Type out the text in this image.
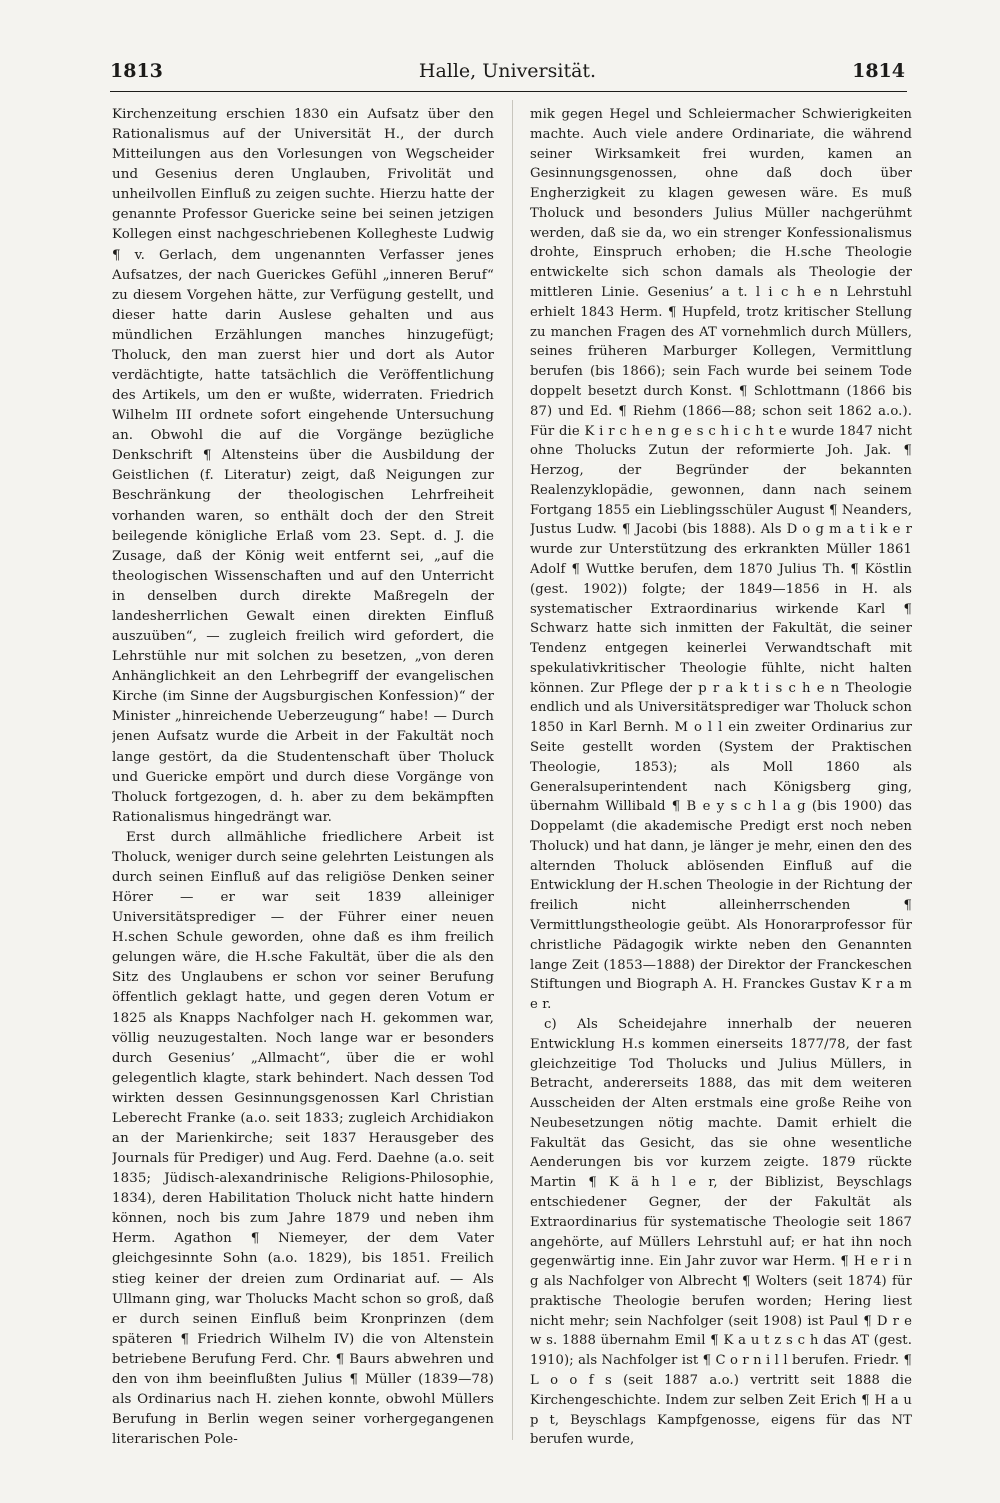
1813	Halle, Universität.	1814

Kirchenzeitung erschien 1830 ein Aufsatz über den Rationalismus auf der Universität H., der durch Mitteilungen aus den Vorlesungen von Wegscheider und Gesenius deren Unglauben, Frivolität und unheilvollen Einfluß zu zeigen suchte. Hierzu hatte der genannte Professor Guericke seine bei seinen jetzigen Kollegen einst nachgeschriebenen Kollegheste Ludwig ¶ v. Gerlach, dem ungenannten Verfasser jenes Aufsatzes, der nach Guerickes Gefühl „inneren Beruf“ zu diesem Vorgehen hätte, zur Verfügung gestellt, und dieser hatte darin Auslese gehalten und aus mündlichen Erzählungen manches hinzugefügt; Tholuck, den man zuerst hier und dort als Autor verdächtigte, hatte tatsächlich die Veröffentlichung des Artikels, um den er wußte, widerraten. Friedrich Wilhelm III ordnete sofort eingehende Untersuchung an. Obwohl die auf die Vorgänge bezügliche Denkschrift ¶ Altensteins über die Ausbildung der Geistlichen (f. Literatur) zeigt, daß Neigungen zur Beschränkung der theologischen Lehrfreiheit vorhanden waren, so enthält doch der den Streit beilegende königliche Erlaß vom 23. Sept. d. J. die Zusage, daß der König weit entfernt sei, „auf die theologischen Wissenschaften und auf den Unterricht in denselben durch direkte Maßregeln der landesherrlichen Gewalt einen direkten Einfluß auszuüben“, — zugleich freilich wird gefordert, die Lehrstühle nur mit solchen zu besetzen, „von deren Anhänglichkeit an den Lehrbegriff der evangelischen Kirche (im Sinne der Augsburgischen Konfession)“ der Minister „hinreichende Ueberzeugung“ habe! — Durch jenen Aufsatz wurde die Arbeit in der Fakultät noch lange gestört, da die Studentenschaft über Tholuck und Guericke empört und durch diese Vorgänge von Tholuck fortgezogen, d. h. aber zu dem bekämpften Rationalismus hingedrängt war.

Erst durch allmähliche friedlichere Arbeit ist Tholuck, weniger durch seine gelehrten Leistungen als durch seinen Einfluß auf das religiöse Denken seiner Hörer — er war seit 1839 alleiniger Universitätsprediger — der Führer einer neuen H.schen Schule geworden, ohne daß es ihm freilich gelungen wäre, die H.sche Fakultät, über die als den Sitz des Unglaubens er schon vor seiner Berufung öffentlich geklagt hatte, und gegen deren Votum er 1825 als Knapps Nachfolger nach H. gekommen war, völlig neuzugestalten. Noch lange war er besonders durch Gesenius’ „Allmacht“, über die er wohl gelegentlich klagte, stark behindert. Nach dessen Tod wirkten dessen Gesinnungsgenossen Karl Christian Leberecht Franke (a.o. seit 1833; zugleich Archidiakon an der Marienkirche; seit 1837 Herausgeber des Journals für Prediger) und Aug. Ferd. Daehne (a.o. seit 1835; Jüdisch-alexandrinische Religions-Philosophie, 1834), deren Habilitation Tholuck nicht hatte hindern können, noch bis zum Jahre 1879 und neben ihm Herm. Agathon ¶ Niemeyer, der dem Vater gleichgesinnte Sohn (a.o. 1829), bis 1851. Freilich stieg keiner der dreien zum Ordinariat auf. — Als Ullmann ging, war Tholucks Macht schon so groß, daß er durch seinen Einfluß beim Kronprinzen (dem späteren ¶ Friedrich Wilhelm IV) die von Altenstein betriebene Berufung Ferd. Chr. ¶ Baurs abwehren und den von ihm beeinflußten Julius ¶ Müller (1839—78) als Ordinarius nach H. ziehen konnte, obwohl Müllers Berufung in Berlin wegen seiner vorhergegangenen literarischen Pole-

mik gegen Hegel und Schleiermacher Schwierigkeiten machte. Auch viele andere Ordinariate, die während seiner Wirksamkeit frei wurden, kamen an Gesinnungsgenossen, ohne daß doch über Engherzigkeit zu klagen gewesen wäre. Es muß Tholuck und besonders Julius Müller nachgerühmt werden, daß sie da, wo ein strenger Konfessionalismus drohte, Einspruch erhoben; die H.sche Theologie entwickelte sich schon damals als Theologie der mittleren Linie. Gesenius’ a t. l i c h e n Lehrstuhl erhielt 1843 Herm. ¶ Hupfeld, trotz kritischer Stellung zu manchen Fragen des AT vornehmlich durch Müllers, seines früheren Marburger Kollegen, Vermittlung berufen (bis 1866); sein Fach wurde bei seinem Tode doppelt besetzt durch Konst. ¶ Schlottmann (1866 bis 87) und Ed. ¶ Riehm (1866—88; schon seit 1862 a.o.). Für die K i r c h e n g e s c h i c h t e wurde 1847 nicht ohne Tholucks Zutun der reformierte Joh. Jak. ¶ Herzog, der Begründer der bekannten Realenzyklopädie, gewonnen, dann nach seinem Fortgang 1855 ein Lieblingsschüler August ¶ Neanders, Justus Ludw. ¶ Jacobi (bis 1888). Als D o g m a t i k e r wurde zur Unterstützung des erkrankten Müller 1861 Adolf ¶ Wuttke berufen, dem 1870 Julius Th. ¶ Köstlin (gest. 1902)) folgte; der 1849—1856 in H. als systematischer Extraordinarius wirkende Karl ¶ Schwarz hatte sich inmitten der Fakultät, die seiner Tendenz entgegen keinerlei Verwandtschaft mit spekulativkritischer Theologie fühlte, nicht halten können. Zur Pflege der p r a k t i s c h e n Theologie endlich und als Universitätsprediger war Tholuck schon 1850 in Karl Bernh. M o l l ein zweiter Ordinarius zur Seite gestellt worden (System der Praktischen Theologie, 1853); als Moll 1860 als Generalsuperintendent nach Königsberg ging, übernahm Willibald ¶ B e y s c h l a g (bis 1900) das Doppelamt (die akademische Predigt erst noch neben Tholuck) und hat dann, je länger je mehr, einen den des alternden Tholuck ablösenden Einfluß auf die Entwicklung der H.schen Theologie in der Richtung der freilich nicht alleinherrschenden ¶ Vermittlungstheologie geübt. Als Honorarprofessor für christliche Pädagogik wirkte neben den Genannten lange Zeit (1853—1888) der Direktor der Franckeschen Stiftungen und Biograph A. H. Franckes Gustav K r a m e r.

c) Als Scheidejahre innerhalb der neueren Entwicklung H.s kommen einerseits 1877/78, der fast gleichzeitige Tod Tholucks und Julius Müllers, in Betracht, andererseits 1888, das mit dem weiteren Ausscheiden der Alten erstmals eine große Reihe von Neubesetzungen nötig machte. Damit erhielt die Fakultät das Gesicht, das sie ohne wesentliche Aenderungen bis vor kurzem zeigte. 1879 rückte Martin ¶ K ä h l e r, der Biblizist, Beyschlags entschiedener Gegner, der der Fakultät als Extraordinarius für systematische Theologie seit 1867 angehörte, auf Müllers Lehrstuhl auf; er hat ihn noch gegenwärtig inne. Ein Jahr zuvor war Herm. ¶ H e r i n g als Nachfolger von Albrecht ¶ Wolters (seit 1874) für praktische Theologie berufen worden; Hering liest nicht mehr; sein Nachfolger (seit 1908) ist Paul ¶ D r e w s. 1888 übernahm Emil ¶ K a u t z s c h das AT (gest. 1910); als Nachfolger ist ¶ C o r n i l l berufen. Friedr. ¶ L o o f s (seit 1887 a.o.) vertritt seit 1888 die Kirchengeschichte. Indem zur selben Zeit Erich ¶ H a u p t, Beyschlags Kampfgenosse, eigens für das NT berufen wurde,
